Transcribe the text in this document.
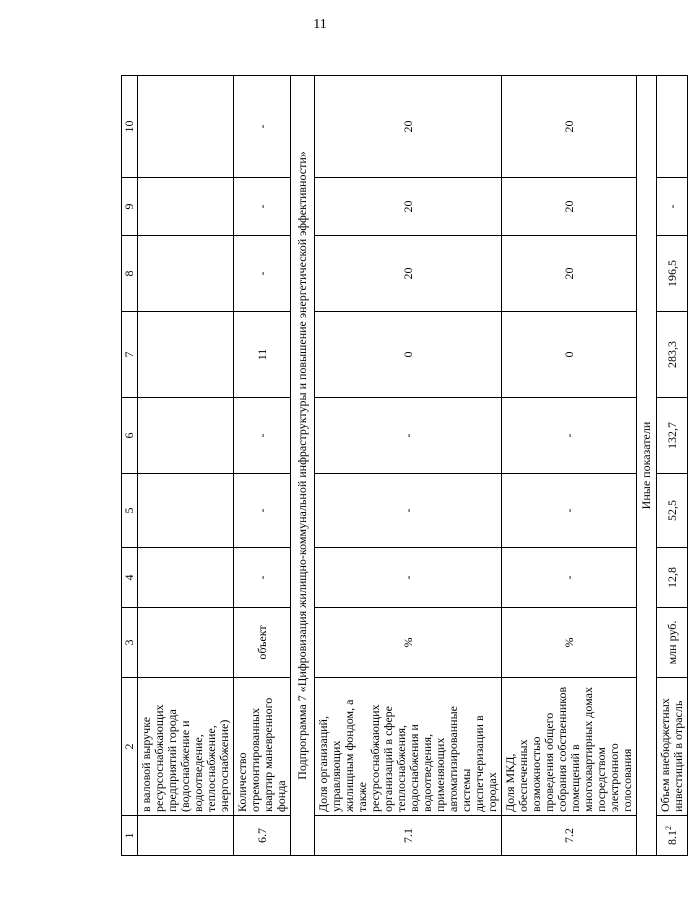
11
1	2	3	4	5	6	7	8	9	10
	в валовой выручке ресурсоснабжающих предприятий города (водоснабжение и водоотведение, теплоснабжение, энергоснабжение)								
6.7	Количество отремонтированных квартир маневренного фонда	объект	-	-	-	11	-	-	-
Подпрограмма 7 «Цифровизация жилищно-коммунальной инфраструктуры и повышение энергетической эффективности»									
7.1	Доля организаций, управляющих жилищным фондом, а также ресурсоснабжающих организаций в сфере теплоснабжения, водоснабжения и водоотведения, применяющих автоматизированные системы диспетчеризации в городах	%	-	-	-	0	20	20	20
7.2	Доля МКД, обеспеченных возможностью проведения общего собрания собственников помещений в многоквартирных домах посредством электронного голосования	%	-	-	-	0	20	20	20
Иные показатели									
$8.1^2$	Объем внебюджетных инвестиций в отрасль	млн руб.	12,8	52,5	132,7	283,3	196,5	-	
